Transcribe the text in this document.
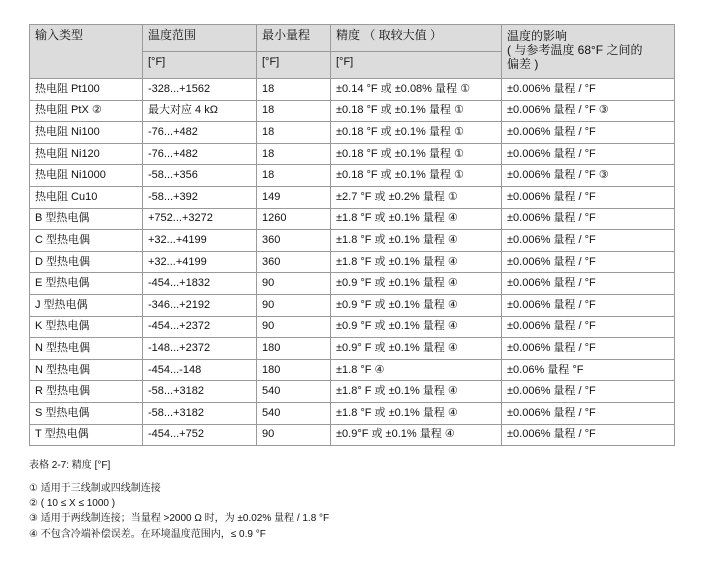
输入类型	温度范围	最小量程	精度 （ 取较大值 ）	温度的影响
( 与参考温度 68°F 之间的
偏差 )

	[°F]	[°F]	[°F]	
热电阻 Pt100	-328...+1562	18	±0.14 °F 或 ±0.08% 量程 ①	±0.006% 量程 / °F
热电阻 PtX ②	最大对应 4 kΩ	18	±0.18 °F 或 ±0.1% 量程 ①	±0.006% 量程 / °F ③
热电阻 Ni100	-76...+482	18	±0.18 °F 或 ±0.1% 量程 ①	±0.006% 量程 / °F
热电阻 Ni120	-76...+482	18	±0.18 °F 或 ±0.1% 量程 ①	±0.006% 量程 / °F
热电阻 Ni1000	-58...+356	18	±0.18 °F 或 ±0.1% 量程 ①	±0.006% 量程 / °F ③
热电阻 Cu10	-58...+392	149	±2.7 °F 或 ±0.2% 量程 ①	±0.006% 量程 / °F
B 型热电偶	+752...+3272	1260	±1.8 °F 或 ±0.1% 量程 ④	±0.006% 量程 / °F
C 型热电偶	+32...+4199	360	±1.8 °F 或 ±0.1% 量程 ④	±0.006% 量程 / °F
D 型热电偶	+32...+4199	360	±1.8 °F 或 ±0.1% 量程 ④	±0.006% 量程 / °F
E 型热电偶	-454...+1832	90	±0.9 °F 或 ±0.1% 量程 ④	±0.006% 量程 / °F
J 型热电偶	-346...+2192	90	±0.9 °F 或 ±0.1% 量程 ④	±0.006% 量程 / °F
K 型热电偶	-454...+2372	90	±0.9 °F 或 ±0.1% 量程 ④	±0.006% 量程 / °F
N 型热电偶	-148...+2372	180	±0.9° F 或 ±0.1% 量程 ④	±0.006% 量程 / °F
N 型热电偶	-454...-148	180	±1.8 °F ④	±0.06% 量程 °F
R 型热电偶	-58...+3182	540	±1.8° F 或 ±0.1% 量程 ④	±0.006% 量程 / °F
S 型热电偶	-58...+3182	540	±1.8 °F 或 ±0.1% 量程 ④	±0.006% 量程 / °F
T 型热电偶	-454...+752	90	±0.9°F 或 ±0.1% 量程 ④	±0.006% 量程 / °F
表格 2-7: 精度 [°F]
① 适用于三线制或四线制连接
② ( 10 ≤ X ≤ 1000 )
③ 适用于两线制连接；当量程 >2000 Ω 时，为 ±0.02% 量程 / 1.8 °F
④ 不包含冷端补偿误差。在环境温度范围内，≤ 0.9 °F
